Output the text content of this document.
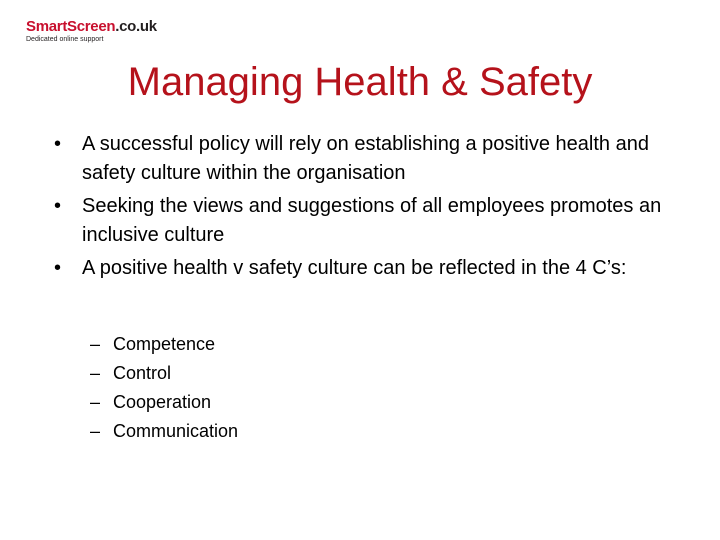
SmartScreen.co.uk
Dedicated online support
Managing Health & Safety
•	A successful policy will rely on establishing a positive health and safety culture within the organisation
•	Seeking the views and suggestions of all employees promotes an inclusive culture
•	A positive health v safety culture can be reflected in the 4 C’s:
– Competence
– Control
– Cooperation
– Communication
